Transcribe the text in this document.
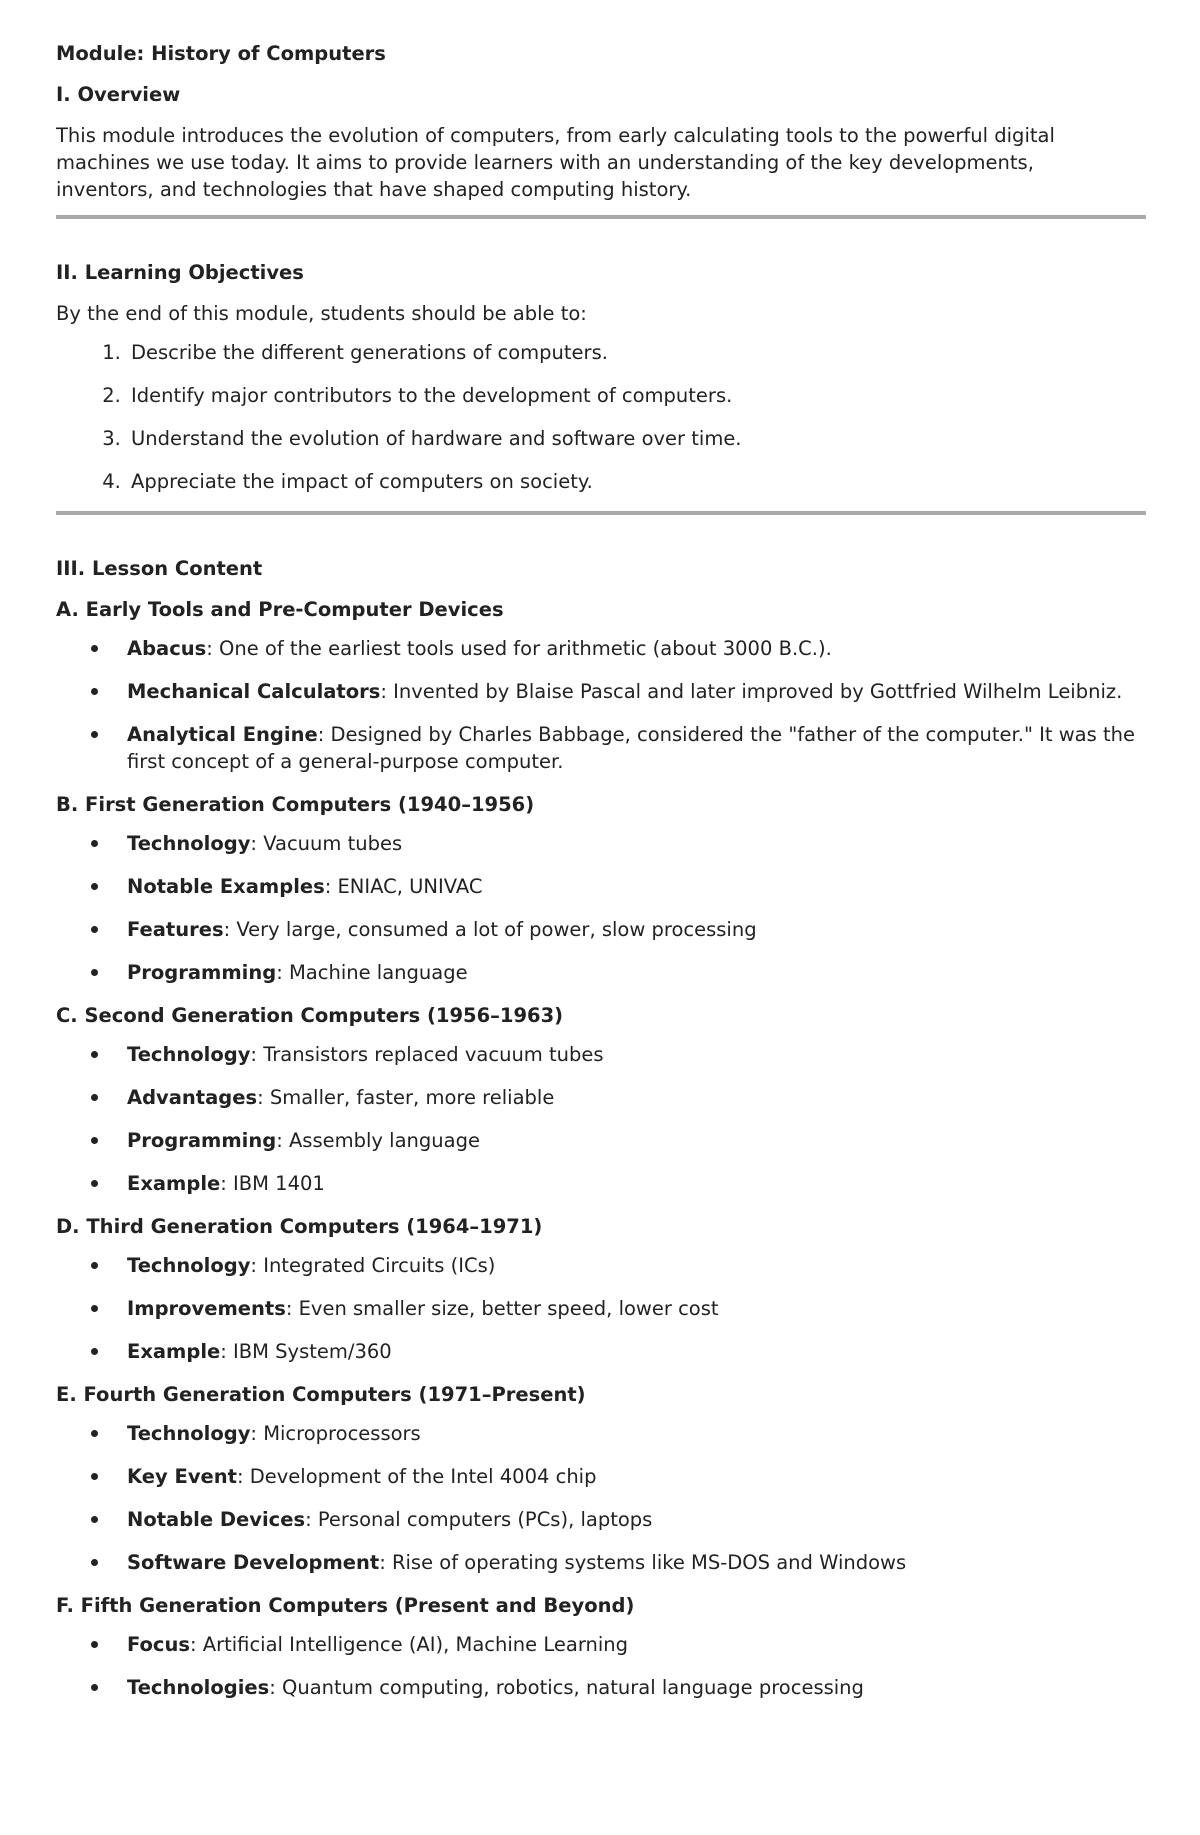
Module: History of Computers
I. Overview

This module introduces the evolution of computers, from early calculating tools to the powerful digital machines we use today. It aims to provide learners with an understanding of the key developments, inventors, and technologies that have shaped computing history.

II. Learning Objectives

By the end of this module, students should be able to:

1. Describe the different generations of computers.
2. Identify major contributors to the development of computers.
3. Understand the evolution of hardware and software over time.
4. Appreciate the impact of computers on society.
III. Lesson Content
A. Early Tools and Pre-Computer Devices
Abacus: One of the earliest tools used for arithmetic (about 3000 B.C.).
Mechanical Calculators: Invented by Blaise Pascal and later improved by Gottfried Wilhelm Leibniz.
Analytical Engine: Designed by Charles Babbage, considered the "father of the computer." It was the first concept of a general-purpose computer.
B. First Generation Computers (1940–1956)
Technology: Vacuum tubes
Notable Examples: ENIAC, UNIVAC
Features: Very large, consumed a lot of power, slow processing
Programming: Machine language
C. Second Generation Computers (1956–1963)
Technology: Transistors replaced vacuum tubes
Advantages: Smaller, faster, more reliable
Programming: Assembly language
Example: IBM 1401
D. Third Generation Computers (1964–1971)
Technology: Integrated Circuits (ICs)
Improvements: Even smaller size, better speed, lower cost
Example: IBM System/360
E. Fourth Generation Computers (1971–Present)
Technology: Microprocessors
Key Event: Development of the Intel 4004 chip
Notable Devices: Personal computers (PCs), laptops
Software Development: Rise of operating systems like MS-DOS and Windows
F. Fifth Generation Computers (Present and Beyond)
Focus: Artificial Intelligence (AI), Machine Learning
Technologies: Quantum computing, robotics, natural language processing
